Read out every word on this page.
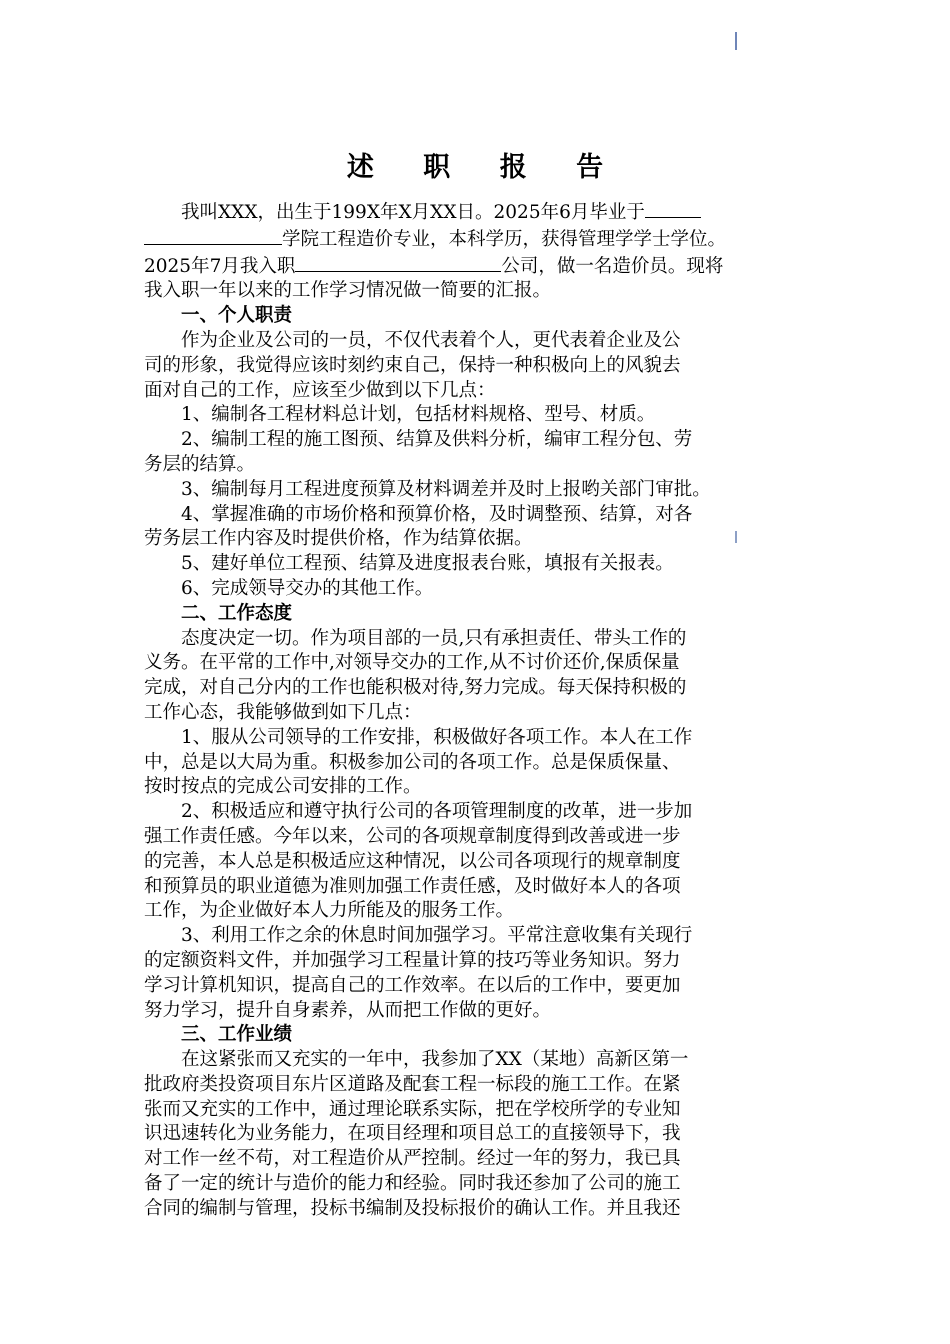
述 职 报 告

我叫XXX，出生于199X年X月XX日。2025年6月毕业于

学院工程造价专业，本科学历，获得管理学学士学位。

2025年7月我入职	公司，做一名造价员。现将

我入职一年以来的工作学习情况做一简要的汇报。

一、个人职责

作为企业及公司的一员，不仅代表着个人，更代表着企业及公

司的形象，我觉得应该时刻约束自己，保持一种积极向上的风貌去

面对自己的工作，应该至少做到以下几点：

1、编制各工程材料总计划，包括材料规格、型号、材质。

2、编制工程的施工图预、结算及供料分析，编审工程分包、劳

务层的结算。

3、编制每月工程进度预算及材料调差并及时上报哟关部门审批。

4、掌握准确的市场价格和预算价格，及时调整预、结算，对各

劳务层工作内容及时提供价格，作为结算依据。

5、建好单位工程预、结算及进度报表台账，填报有关报表。

6、完成领导交办的其他工作。

二、工作态度

态度决定一切。作为项目部的一员,只有承担责任、带头工作的

义务。在平常的工作中,对领导交办的工作,从不讨价还价,保质保量

完成，对自己分内的工作也能积极对待,努力完成。每天保持积极的

工作心态，我能够做到如下几点：

1、服从公司领导的工作安排，积极做好各项工作。本人在工作

中，总是以大局为重。积极参加公司的各项工作。总是保质保量、

按时按点的完成公司安排的工作。

2、积极适应和遵守执行公司的各项管理制度的改革，进一步加

强工作责任感。今年以来，公司的各项规章制度得到改善或进一步

的完善，本人总是积极适应这种情况，以公司各项现行的规章制度

和预算员的职业道德为准则加强工作责任感，及时做好本人的各项

工作，为企业做好本人力所能及的服务工作。

3、利用工作之余的休息时间加强学习。平常注意收集有关现行

的定额资料文件，并加强学习工程量计算的技巧等业务知识。努力

学习计算机知识，提高自己的工作效率。在以后的工作中，要更加

努力学习，提升自身素养，从而把工作做的更好。

三、工作业绩

在这紧张而又充实的一年中，我参加了XX（某地）高新区第一

批政府类投资项目东片区道路及配套工程一标段的施工工作。在紧

张而又充实的工作中，通过理论联系实际，把在学校所学的专业知

识迅速转化为业务能力，在项目经理和项目总工的直接领导下，我

对工作一丝不苟，对工程造价从严控制。经过一年的努力，我已具

备了一定的统计与造价的能力和经验。同时我还参加了公司的施工

合同的编制与管理，投标书编制及投标报价的确认工作。并且我还
